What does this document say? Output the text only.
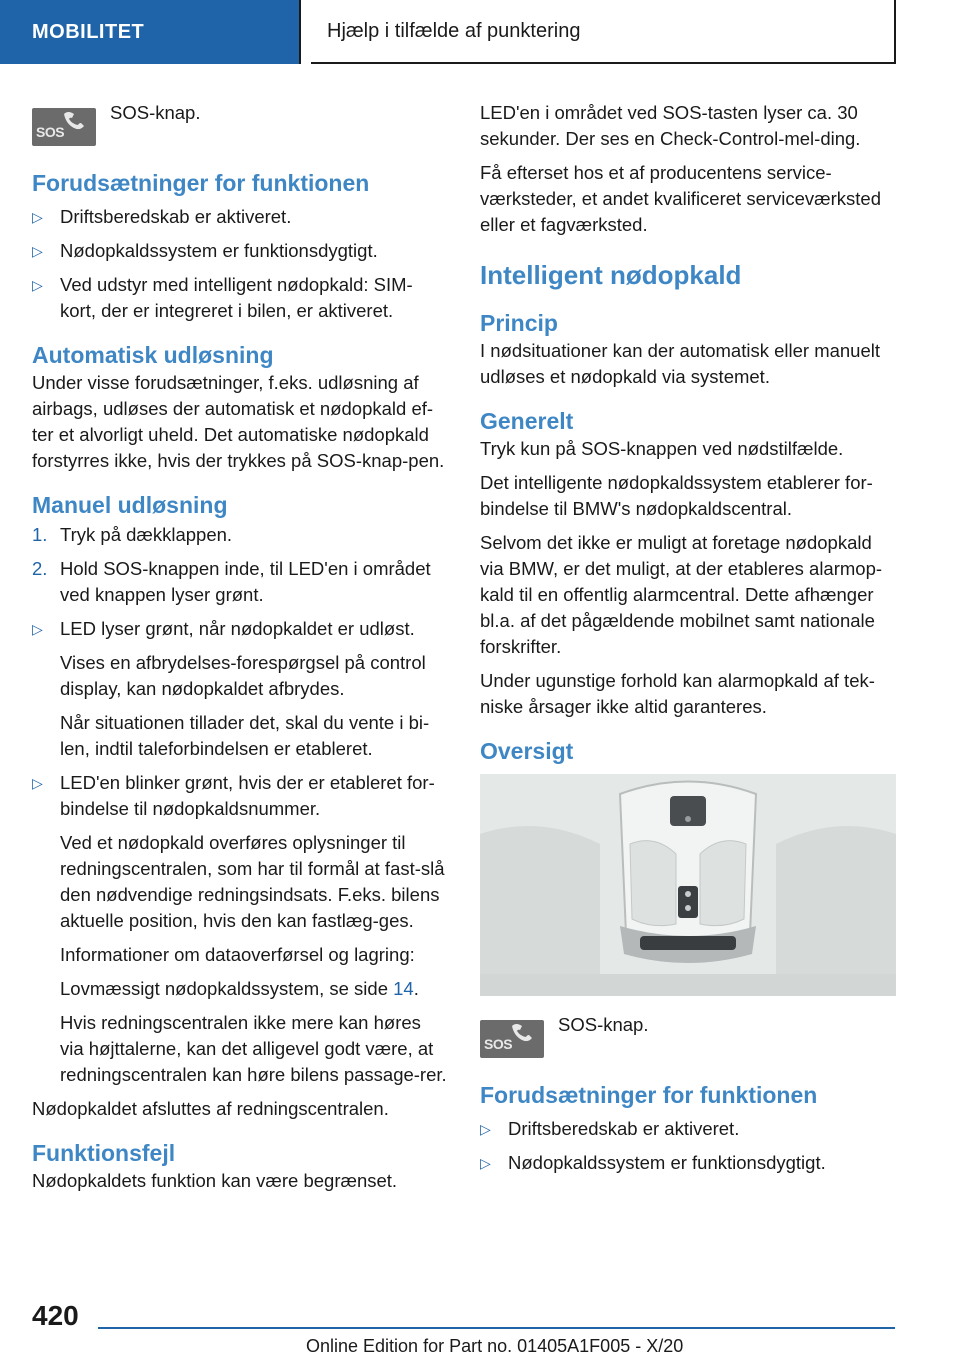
MOBILITET	Hjælp i tilfælde af punktering
SOS
SOS-knap.
Forudsætninger for funktionen
▷ Driftsberedskab er aktiveret.
▷ Nødopkaldssystem er funktionsdygtigt.
▷ Ved udstyr med intelligent nødopkald: SIM-kort, der er integreret i bilen, er aktiveret.
Automatisk udløsning

Under visse forudsætninger, f.eks. udløsning af airbags, udløses der automatisk et nødopkald ef-ter et alvorligt uheld. Det automatiske nødopkald forstyrres ikke, hvis der trykkes på SOS-knap-pen.

Manuel udløsning
1. Tryk på dækklappen.
2. Hold SOS-knappen inde, til LED'en i området ved knappen lyser grønt.
▷ LED lyser grønt, når nødopkaldet er udløst.

Vises en afbrydelses-forespørgsel på control display, kan nødopkaldet afbrydes.

Når situationen tillader det, skal du vente i bi-len, indtil taleforbindelsen er etableret.

▷ LED'en blinker grønt, hvis der er etableret for-bindelse til nødopkaldsnummer.

Ved et nødopkald overføres oplysninger til redningscentralen, som har til formål at fast-slå den nødvendige redningsindsats. F.eks. bilens aktuelle position, hvis den kan fastlæg-ges.

Informationer om dataoverførsel og lagring:

Lovmæssigt nødopkaldssystem, se side 14.

Hvis redningscentralen ikke mere kan høres via højttalerne, kan det alligevel godt være, at redningscentralen kan høre bilens passage-rer.

Nødopkaldet afsluttes af redningscentralen.

Funktionsfejl

Nødopkaldets funktion kan være begrænset.

LED'en i området ved SOS-tasten lyser ca. 30 sekunder. Der ses en Check-Control-mel-ding.

Få efterset hos et af producentens service-værksteder, et andet kvalificeret serviceværksted eller et fagværksted.

Intelligent nødopkald
Princip

I nødsituationer kan der automatisk eller manuelt udløses et nødopkald via systemet.

Generelt

Tryk kun på SOS-knappen ved nødstilfælde.

Det intelligente nødopkaldssystem etablerer for-bindelse til BMW's nødopkaldscentral.

Selvom det ikke er muligt at foretage nødopkald via BMW, er det muligt, at der etableres alarmop-kald til en offentlig alarmcentral. Dette afhænger bl.a. af det pågældende mobilnet samt nationale forskrifter.

Under ugunstige forhold kan alarmopkald af tek-niske årsager ikke altid garanteres.

Oversigt
SOS
SOS-knap.
Forudsætninger for funktionen
▷ Driftsberedskab er aktiveret.
▷ Nødopkaldssystem er funktionsdygtigt.
420
Online Edition for Part no. 01405A1F005 - X/20
